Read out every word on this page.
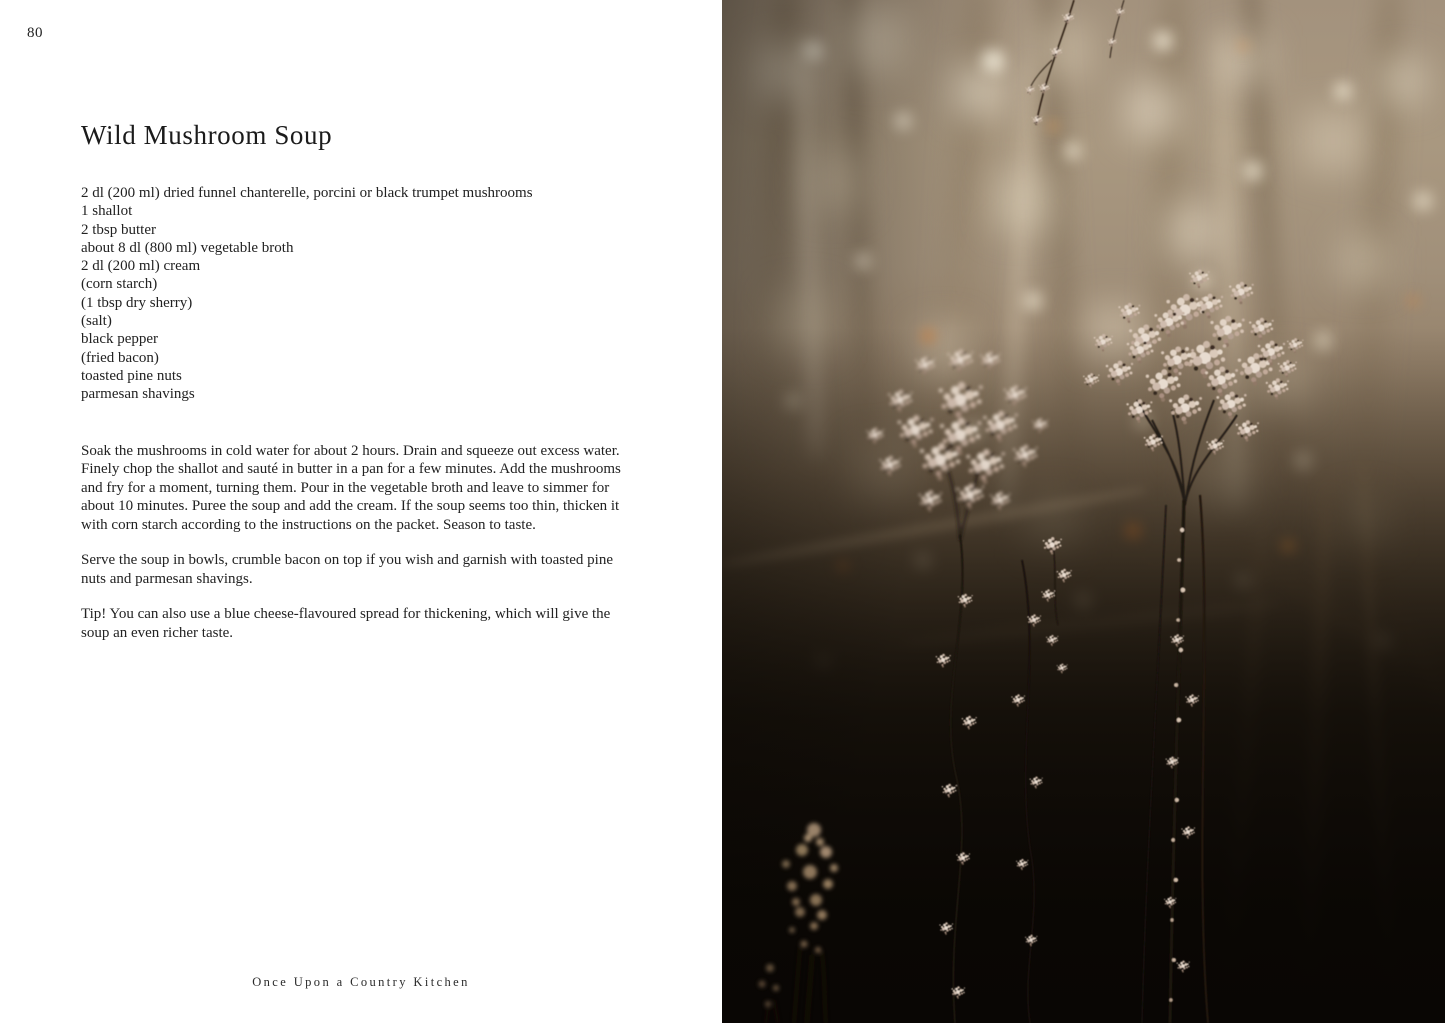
80
Wild Mushroom Soup
2 dl (200 ml) dried funnel chanterelle, porcini or black trumpet mushrooms
1 shallot
2 tbsp butter
about 8 dl (800 ml) vegetable broth
2 dl (200 ml) cream
(corn starch)
(1 tbsp dry sherry)
(salt)
black pepper
(fried bacon)
toasted pine nuts
parmesan shavings

Soak the mushrooms in cold water for about 2 hours. Drain and squeeze out excess water. Finely chop the shallot and sauté in butter in a pan for a few minutes. Add the mushrooms and fry for a moment, turning them. Pour in the vegetable broth and leave to simmer for about 10 minutes. Puree the soup and add the cream. If the soup seems too thin, thicken it with corn starch according to the instructions on the packet. Season to taste.

Serve the soup in bowls, crumble bacon on top if you wish and garnish with toasted pine nuts and parmesan shavings.

Tip! You can also use a blue cheese-flavoured spread for thickening, which will give the soup an even richer taste.

Once Upon a Country Kitchen
